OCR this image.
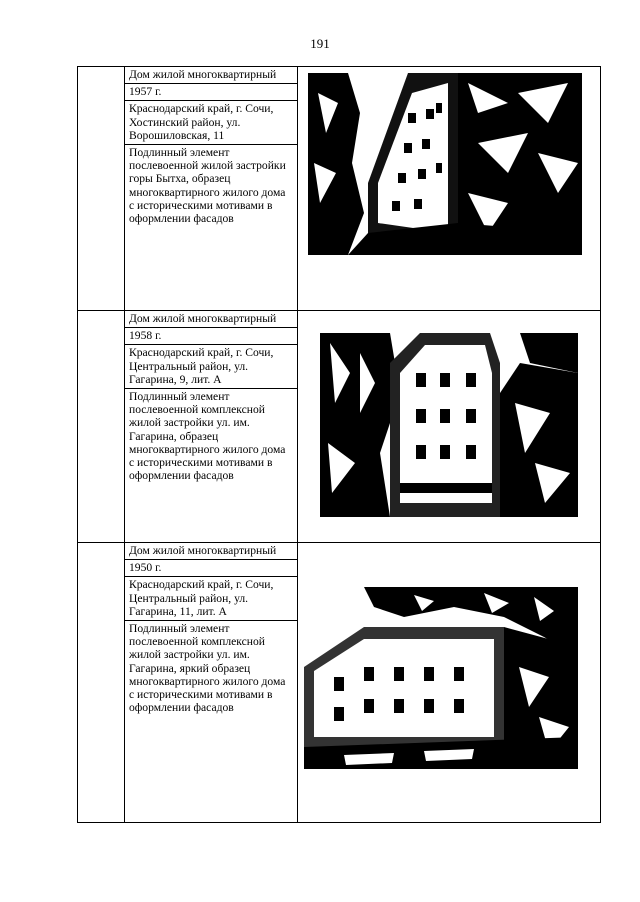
191

	Дом жилой многоквартирный
1957 г.
Краснодарский край, г. Сочи, Хостинский район, ул. Ворошиловская, 11
Подлинный элемент послевоенной жилой застройки горы Бытха, образец многоквартирного жилого дома с историческими мотивами в оформлении фасадов

	Дом жилой многоквартирный
1958 г.
Краснодарский край, г. Сочи, Центральный район, ул. Гагарина, 9, лит. А
Подлинный элемент послевоенной комплексной жилой застройки ул. им. Гагарина, образец многоквартирного жилого дома с историческими мотивами в оформлении фасадов

	Дом жилой многоквартирный
1950 г.
Краснодарский край, г. Сочи, Центральный район, ул. Гагарина, 11, лит. А
Подлинный элемент послевоенной комплексной жилой застройки ул. им. Гагарина, яркий образец многоквартирного жилого дома с историческими мотивами в оформлении фасадов
